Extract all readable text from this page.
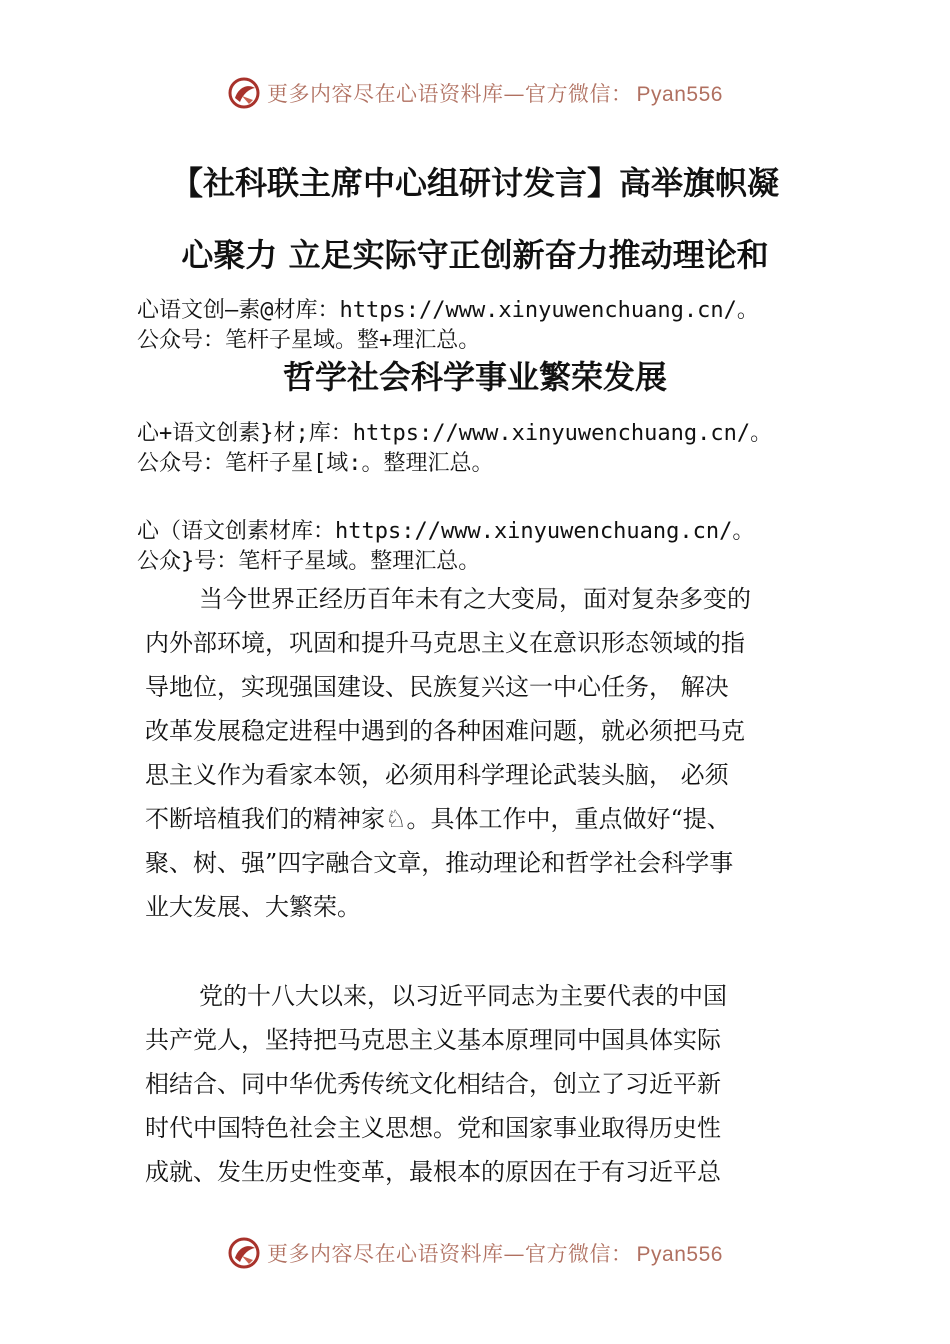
更多内容尽在心语资料库—官方微信： Pyan556
【社科联主席中心组研讨发言】高举旗帜凝
心聚力 立足实际守正创新奋力推动理论和
心语文创—素@材库：https://www.xinyuwenchuang.cn/。
公众号：笔杆子星域。整+理汇总。
哲学社会科学事业繁荣发展
心+语文创素}材;库：https://www.xinyuwenchuang.cn/。
公众号：笔杆子星[域:。整理汇总。
心（语文创素材库：https://www.xinyuwenchuang.cn/。
公众}号：笔杆子星域。整理汇总。
当今世界正经历百年未有之大变局，面对复杂多变的
内外部环境，巩固和提升马克思主义在意识形态领域的指
导地位，实现强国建设、民族复兴这一中心任务， 解决
改革发展稳定进程中遇到的各种困难问题，就必须把马克
思主义作为看家本领，必须用科学理论武装头脑， 必须
不断培植我们的精神家♘。具体工作中，重点做好“提、
聚、树、强”四字融合文章，推动理论和哲学社会科学事
业大发展、大繁荣。
党的十八大以来，以习近平同志为主要代表的中国
共产党人，坚持把马克思主义基本原理同中国具体实际
相结合、同中华优秀传统文化相结合，创立了习近平新
时代中国特色社会主义思想。党和国家事业取得历史性
成就、发生历史性变革，最根本的原因在于有习近平总
更多内容尽在心语资料库—官方微信： Pyan556
